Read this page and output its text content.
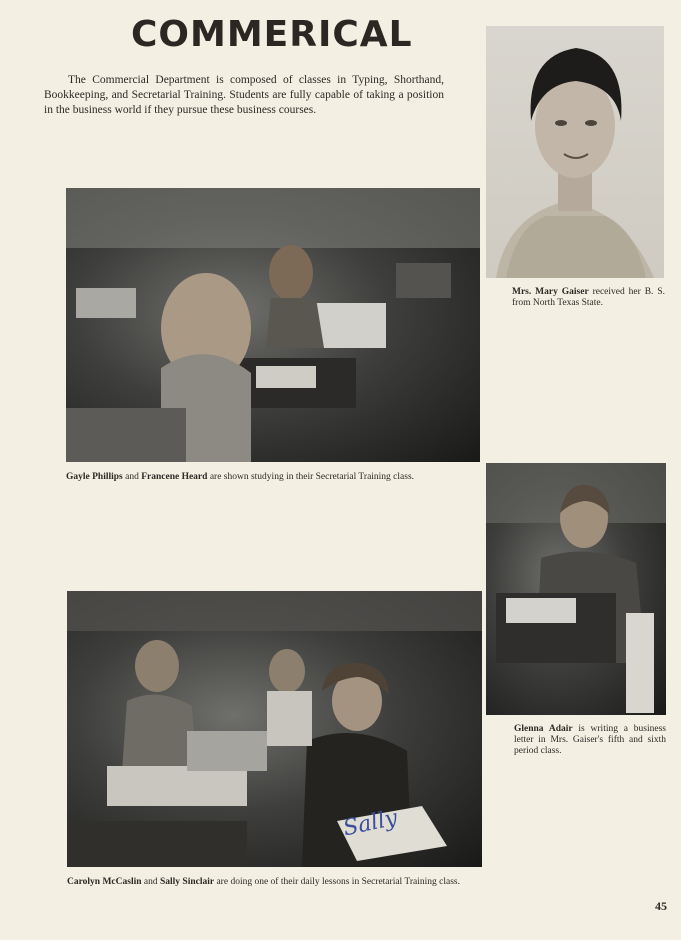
COMMERICAL
The Commercial Department is composed of classes in Typing, Shorthand, Bookkeeping, and Secretarial Training. Students are fully capable of taking a position in the business world if they pursue these business courses.
Mrs. Mary Gaiser received her B. S. from North Texas State.
Gayle Phillips and Francene Heard are shown studying in their Secretarial Training class.
Glenna Adair is writing a business letter in Mrs. Gaiser's fifth and sixth period class.
Sally
Carolyn McCaslin and Sally Sinclair are doing one of their daily lessons in Secretarial Training class.
45
